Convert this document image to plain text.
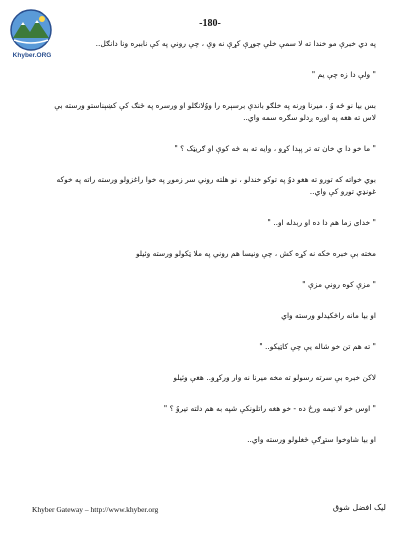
-180-
Khyber.ORG

په دي خبرې مو خندا ته لا سمې خلې جوړې کړې نه وې ، چې روني په کې ناببره ونا دانګل..

" ولې دا زه چې يم "

بس بيا نو څه وُ ، ميرنا ورنه په خلګو باندې برسېره را ووُلانګلو او ورسره په ځنګ کې کښېناستو ورسته بې لاس ته هغه په اوږه ږدلو سګره سمه واي..

" ما خو دا ي خان ته تر پېدا کړو ، وايه ته به څه کوې او ګريټک ؟ "

بوي خواته که تورو ته هغو دوُ په توکو خندلو ، نو هلته روني سر زموږ په خوا راغزولو ورسته راته په خوکه غونډي تورو کې واي..

" خداى زما هم دا ده او ربدله او.. "

مخته بې خبره خکه نه کړه کش ، چې ونيسا هم روني په ملا ټکولو ورسته وئيلو

" مزې کوه روني مزې "

او بيا مانه راڅکيدلو ورسته واي

" ته هم تن خو شاله يې چې کاټيکو.. "

لاکن خبره بې سرته رسولو ته مخه ميرنا نه وار ورکړو.. هغې وئيلو

" اوس خو لا تيمه ورځ ده - خو هغه راتلونکې شپه به هم دلته تيروُ ؟ "

او بيا شاوخوا ستړګې ځغلولو ورسته واي..

Khyber Gateway – http://www.khyber.org	ليک افضل شوق
